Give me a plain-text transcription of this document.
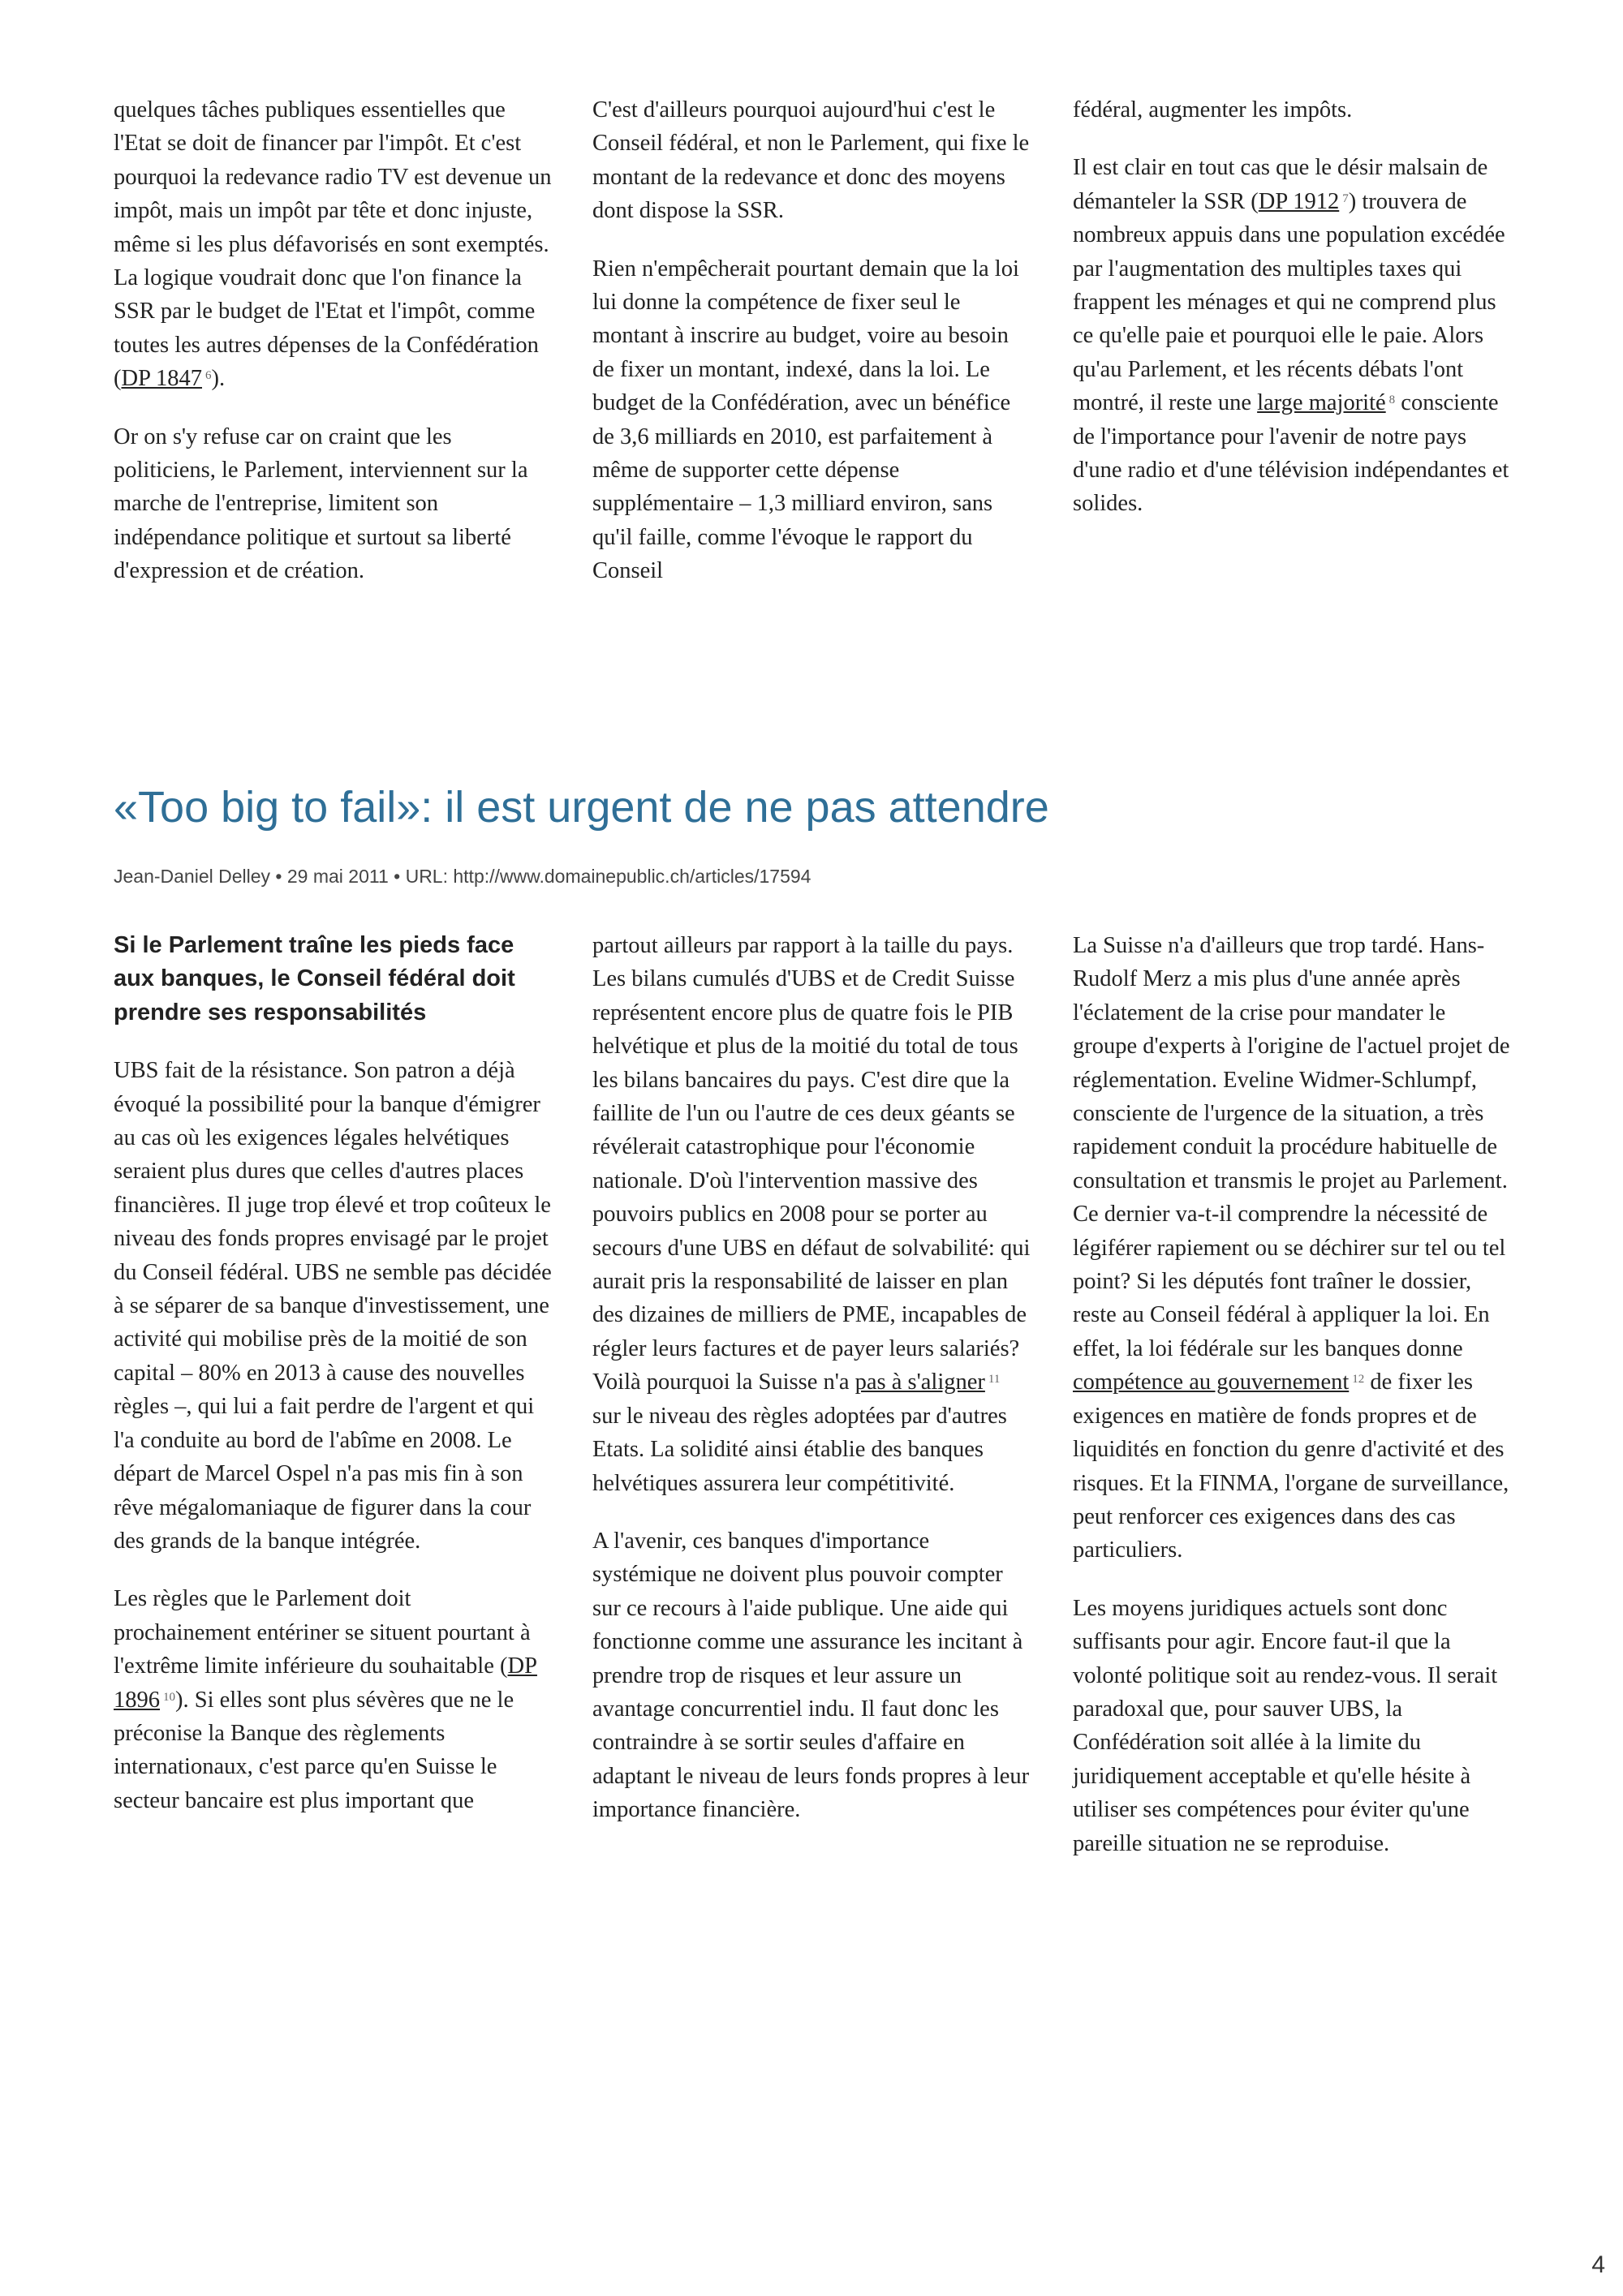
quelques tâches publiques essentielles que l'Etat se doit de financer par l'impôt. Et c'est pourquoi la redevance radio TV est devenue un impôt, mais un impôt par tête et donc injuste, même si les plus défavorisés en sont exemptés. La logique voudrait donc que l'on finance la SSR par le budget de l'Etat et l'impôt, comme toutes les autres dépenses de la Confédération (DP 1847 $^6$).

Or on s'y refuse car on craint que les politiciens, le Parlement, interviennent sur la marche de l'entreprise, limitent son indépendance politique et surtout sa liberté d'expression et de création.

C'est d'ailleurs pourquoi aujourd'hui c'est le Conseil fédéral, et non le Parlement, qui fixe le montant de la redevance et donc des moyens dont dispose la SSR.

Rien n'empêcherait pourtant demain que la loi lui donne la compétence de fixer seul le montant à inscrire au budget, voire au besoin de fixer un montant, indexé, dans la loi. Le budget de la Confédération, avec un bénéfice de 3,6 milliards en 2010, est parfaitement à même de supporter cette dépense supplémentaire – 1,3 milliard environ, sans qu'il faille, comme l'évoque le rapport du Conseil

fédéral, augmenter les impôts.

Il est clair en tout cas que le désir malsain de démanteler la SSR (DP 1912 $^7$) trouvera de nombreux appuis dans une population excédée par l'augmentation des multiples taxes qui frappent les ménages et qui ne comprend plus ce qu'elle paie et pourquoi elle le paie. Alors qu'au Parlement, et les récents débats l'ont montré, il reste une large majorité $^8$ consciente de l'importance pour l'avenir de notre pays d'une radio et d'une télévision indépendantes et solides.

«Too big to fail»: il est urgent de ne pas attendre
Jean-Daniel Delley • 29 mai 2011 • URL: http://www.domainepublic.ch/articles/17594

Si le Parlement traîne les pieds face aux banques, le Conseil fédéral doit prendre ses responsabilités

UBS fait de la résistance. Son patron a déjà évoqué la possibilité pour la banque d'émigrer au cas où les exigences légales helvétiques seraient plus dures que celles d'autres places financières. Il juge trop élevé et trop coûteux le niveau des fonds propres envisagé par le projet du Conseil fédéral. UBS ne semble pas décidée à se séparer de sa banque d'investissement, une activité qui mobilise près de la moitié de son capital – 80% en 2013 à cause des nouvelles règles –, qui lui a fait perdre de l'argent et qui l'a conduite au bord de l'abîme en 2008. Le départ de Marcel Ospel n'a pas mis fin à son rêve mégalomaniaque de figurer dans la cour des grands de la banque intégrée.

Les règles que le Parlement doit prochainement entériner se situent pourtant à l'extrême limite inférieure du souhaitable (DP 1896 $^{10}$). Si elles sont plus sévères que ne le préconise la Banque des règlements internationaux, c'est parce qu'en Suisse le secteur bancaire est plus important que

partout ailleurs par rapport à la taille du pays. Les bilans cumulés d'UBS et de Credit Suisse représentent encore plus de quatre fois le PIB helvétique et plus de la moitié du total de tous les bilans bancaires du pays. C'est dire que la faillite de l'un ou l'autre de ces deux géants se révélerait catastrophique pour l'économie nationale. D'où l'intervention massive des pouvoirs publics en 2008 pour se porter au secours d'une UBS en défaut de solvabilité: qui aurait pris la responsabilité de laisser en plan des dizaines de milliers de PME, incapables de régler leurs factures et de payer leurs salariés? Voilà pourquoi la Suisse n'a pas à s'aligner $^{11}$ sur le niveau des règles adoptées par d'autres Etats. La solidité ainsi établie des banques helvétiques assurera leur compétitivité.

A l'avenir, ces banques d'importance systémique ne doivent plus pouvoir compter sur ce recours à l'aide publique. Une aide qui fonctionne comme une assurance les incitant à prendre trop de risques et leur assure un avantage concurrentiel indu. Il faut donc les contraindre à se sortir seules d'affaire en adaptant le niveau de leurs fonds propres à leur importance financière.

La Suisse n'a d'ailleurs que trop tardé. Hans-Rudolf Merz a mis plus d'une année après l'éclatement de la crise pour mandater le groupe d'experts à l'origine de l'actuel projet de réglementation. Eveline Widmer-Schlumpf, consciente de l'urgence de la situation, a très rapidement conduit la procédure habituelle de consultation et transmis le projet au Parlement. Ce dernier va-t-il comprendre la nécessité de légiférer rapiement ou se déchirer sur tel ou tel point? Si les députés font traîner le dossier, reste au Conseil fédéral à appliquer la loi. En effet, la loi fédérale sur les banques donne compétence au gouvernement $^{12}$ de fixer les exigences en matière de fonds propres et de liquidités en fonction du genre d'activité et des risques. Et la FINMA, l'organe de surveillance, peut renforcer ces exigences dans des cas particuliers.

Les moyens juridiques actuels sont donc suffisants pour agir. Encore faut-il que la volonté politique soit au rendez-vous. Il serait paradoxal que, pour sauver UBS, la Confédération soit allée à la limite du juridiquement acceptable et qu'elle hésite à utiliser ses compétences pour éviter qu'une pareille situation ne se reproduise.

4
